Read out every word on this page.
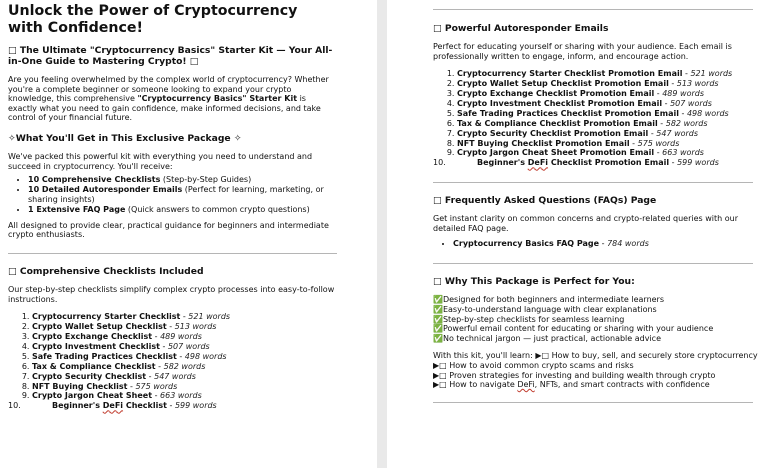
Unlock the Power of Cryptocurrency with Confidence!
□ The Ultimate "Cryptocurrency Basics" Starter Kit — Your All-in-One Guide to Mastering Crypto! □

Are you feeling overwhelmed by the complex world of cryptocurrency? Whether you're a complete beginner or someone looking to expand your crypto knowledge, this comprehensive "Cryptocurrency Basics" Starter Kit is exactly what you need to gain confidence, make informed decisions, and take control of your financial future.

✧What You'll Get in This Exclusive Package ✧

We've packed this powerful kit with everything you need to understand and succeed in cryptocurrency. You'll receive:

• 10 Comprehensive Checklists (Step-by-Step Guides)
• 10 Detailed Autoresponder Emails (Perfect for learning, marketing, or sharing insights)
• 1 Extensive FAQ Page (Quick answers to common crypto questions)

All designed to provide clear, practical guidance for beginners and intermediate crypto enthusiasts.

□ Comprehensive Checklists Included

Our step-by-step checklists simplify complex crypto processes into easy-to-follow instructions.

1. Cryptocurrency Starter Checklist - 521 words
2. Crypto Wallet Setup Checklist - 513 words
3. Crypto Exchange Checklist - 489 words
4. Crypto Investment Checklist - 507 words
5. Safe Trading Practices Checklist - 498 words
6. Tax & Compliance Checklist - 582 words
7. Crypto Security Checklist - 547 words
8. NFT Buying Checklist - 575 words
9. Crypto Jargon Cheat Sheet - 663 words
10.	Beginner's DeFi Checklist - 599 words
□ Powerful Autoresponder Emails

Perfect for educating yourself or sharing with your audience. Each email is professionally written to engage, inform, and encourage action.

1. Cryptocurrency Starter Checklist Promotion Email - 521 words
2. Crypto Wallet Setup Checklist Promotion Email - 513 words
3. Crypto Exchange Checklist Promotion Email - 489 words
4. Crypto Investment Checklist Promotion Email - 507 words
5. Safe Trading Practices Checklist Promotion Email - 498 words
6. Tax & Compliance Checklist Promotion Email - 582 words
7. Crypto Security Checklist Promotion Email - 547 words
8. NFT Buying Checklist Promotion Email - 575 words
9. Crypto Jargon Cheat Sheet Promotion Email - 663 words
10.	Beginner's DeFi Checklist Promotion Email - 599 words
□ Frequently Asked Questions (FAQs) Page

Get instant clarity on common concerns and crypto-related queries with our detailed FAQ page.

• Cryptocurrency Basics FAQ Page - 784 words
□ Why This Package is Perfect for You:
✅Designed for both beginners and intermediate learners
✅Easy-to-understand language with clear explanations
✅Step-by-step checklists for seamless learning
✅Powerful email content for educating or sharing with your audience
✅No technical jargon — just practical, actionable advice

With this kit, you'll learn: ▶□ How to buy, sell, and securely store cryptocurrency

▶□ How to avoid common crypto scams and risks
▶□ Proven strategies for investing and building wealth through crypto
▶□ How to navigate DeFi, NFTs, and smart contracts with confidence
